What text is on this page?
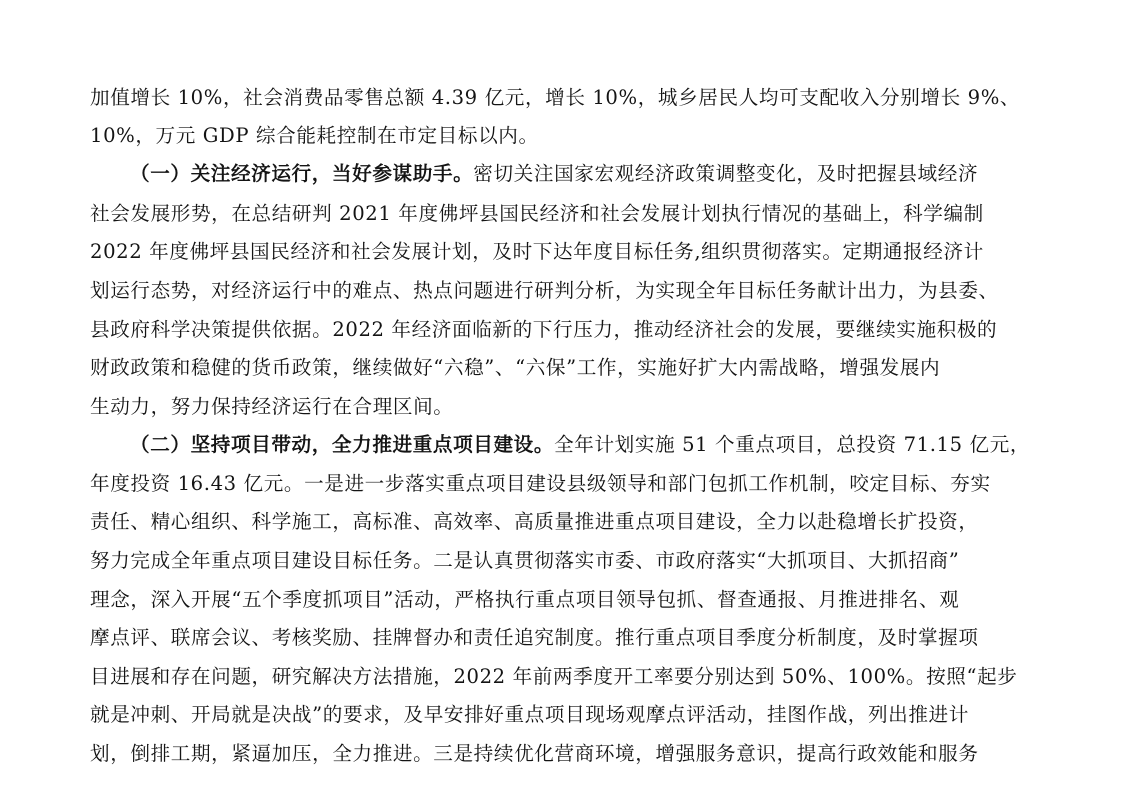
加值增长 10%，社会消费品零售总额 4.39 亿元，增长 10%，城乡居民人均可支配收入分别增长 9%、
10%，万元 GDP 综合能耗控制在市定目标以内。
（一）关注经济运行，当好参谋助手。密切关注国家宏观经济政策调整变化，及时把握县域经济
社会发展形势，在总结研判 2021 年度佛坪县国民经济和社会发展计划执行情况的基础上，科学编制
2022 年度佛坪县国民经济和社会发展计划，及时下达年度目标任务,组织贯彻落实。定期通报经济计
划运行态势，对经济运行中的难点、热点问题进行研判分析，为实现全年目标任务献计出力，为县委、
县政府科学决策提供依据。2022 年经济面临新的下行压力，推动经济社会的发展，要继续实施积极的
财政政策和稳健的货币政策，继续做好“六稳”、“六保”工作，实施好扩大内需战略，增强发展内
生动力，努力保持经济运行在合理区间。
（二）坚持项目带动，全力推进重点项目建设。全年计划实施 51 个重点项目，总投资 71.15 亿元，
年度投资 16.43 亿元。一是进一步落实重点项目建设县级领导和部门包抓工作机制，咬定目标、夯实
责任、精心组织、科学施工，高标准、高效率、高质量推进重点项目建设，全力以赴稳增长扩投资，
努力完成全年重点项目建设目标任务。二是认真贯彻落实市委、市政府落实“大抓项目、大抓招商”
理念，深入开展“五个季度抓项目”活动，严格执行重点项目领导包抓、督查通报、月推进排名、观
摩点评、联席会议、考核奖励、挂牌督办和责任追究制度。推行重点项目季度分析制度，及时掌握项
目进展和存在问题，研究解决方法措施，2022 年前两季度开工率要分别达到 50%、100%。按照“起步
就是冲刺、开局就是决战”的要求，及早安排好重点项目现场观摩点评活动，挂图作战，列出推进计
划，倒排工期，紧逼加压，全力推进。三是持续优化营商环境，增强服务意识，提高行政效能和服务
